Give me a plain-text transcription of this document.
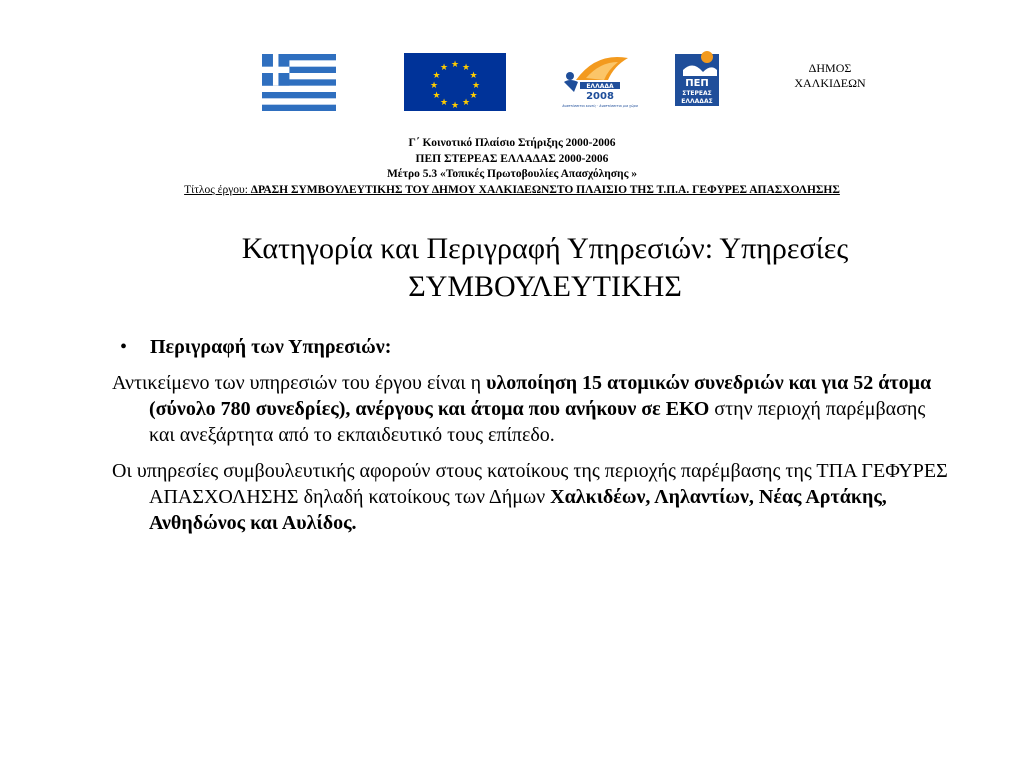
★ ★
★
★
★
★
★
★
★
★
★
★
ΕΛΛΑΔΑ
2008
Αναπτύσσεται κανείς · Αναπτύσσεται μια χώρα
ΠΕΠ
ΣΤΕΡΕΑΣ
ΕΛΛΑΔΑΣ
ΔΗΜΟΣ
ΧΑΛΚΙΔΕΩΝ
Γ΄ Κοινοτικό Πλαίσιο Στήριξης 2000-2006
ΠΕΠ ΣΤΕΡΕΑΣ ΕΛΛΑΔΑΣ 2000-2006
Μέτρο 5.3 «Τοπικές Πρωτοβουλίες Απασχόλησης »
Τίτλος έργου: ΔΡΑΣΗ ΣΥΜΒΟΥΛΕΥΤΙΚΗΣ ΤΟΥ ΔΗΜΟΥ ΧΑΛΚΙΔΕΩΝΣΤΟ ΠΛΑΙΣΙΟ ΤΗΣ Τ.Π.Α. ΓΕΦΥΡΕΣ ΑΠΑΣΧΟΛΗΣΗΣ
Κατηγορία και Περιγραφή Υπηρεσιών: Υπηρεσίες
ΣΥΜΒΟΥΛΕΥΤΙΚΗΣ
• Περιγραφή των Υπηρεσιών:

Αντικείμενο των υπηρεσιών του έργου είναι η υλοποίηση 15 ατομικών συνεδριών και για 52 άτομα (σύνολο 780 συνεδρίες), ανέργους και άτομα που ανήκουν σε ΕΚΟ στην περιοχή παρέμβασης και ανεξάρτητα από το εκπαιδευτικό τους επίπεδο.

Οι υπηρεσίες συμβουλευτικής αφορούν στους κατοίκους της περιοχής παρέμβασης της ΤΠΑ ΓΕΦΥΡΕΣ ΑΠΑΣΧΟΛΗΣΗΣ δηλαδή κατοίκους των Δήμων Χαλκιδέων, Ληλαντίων, Νέας Αρτάκης, Ανθηδώνος και Αυλίδος.
